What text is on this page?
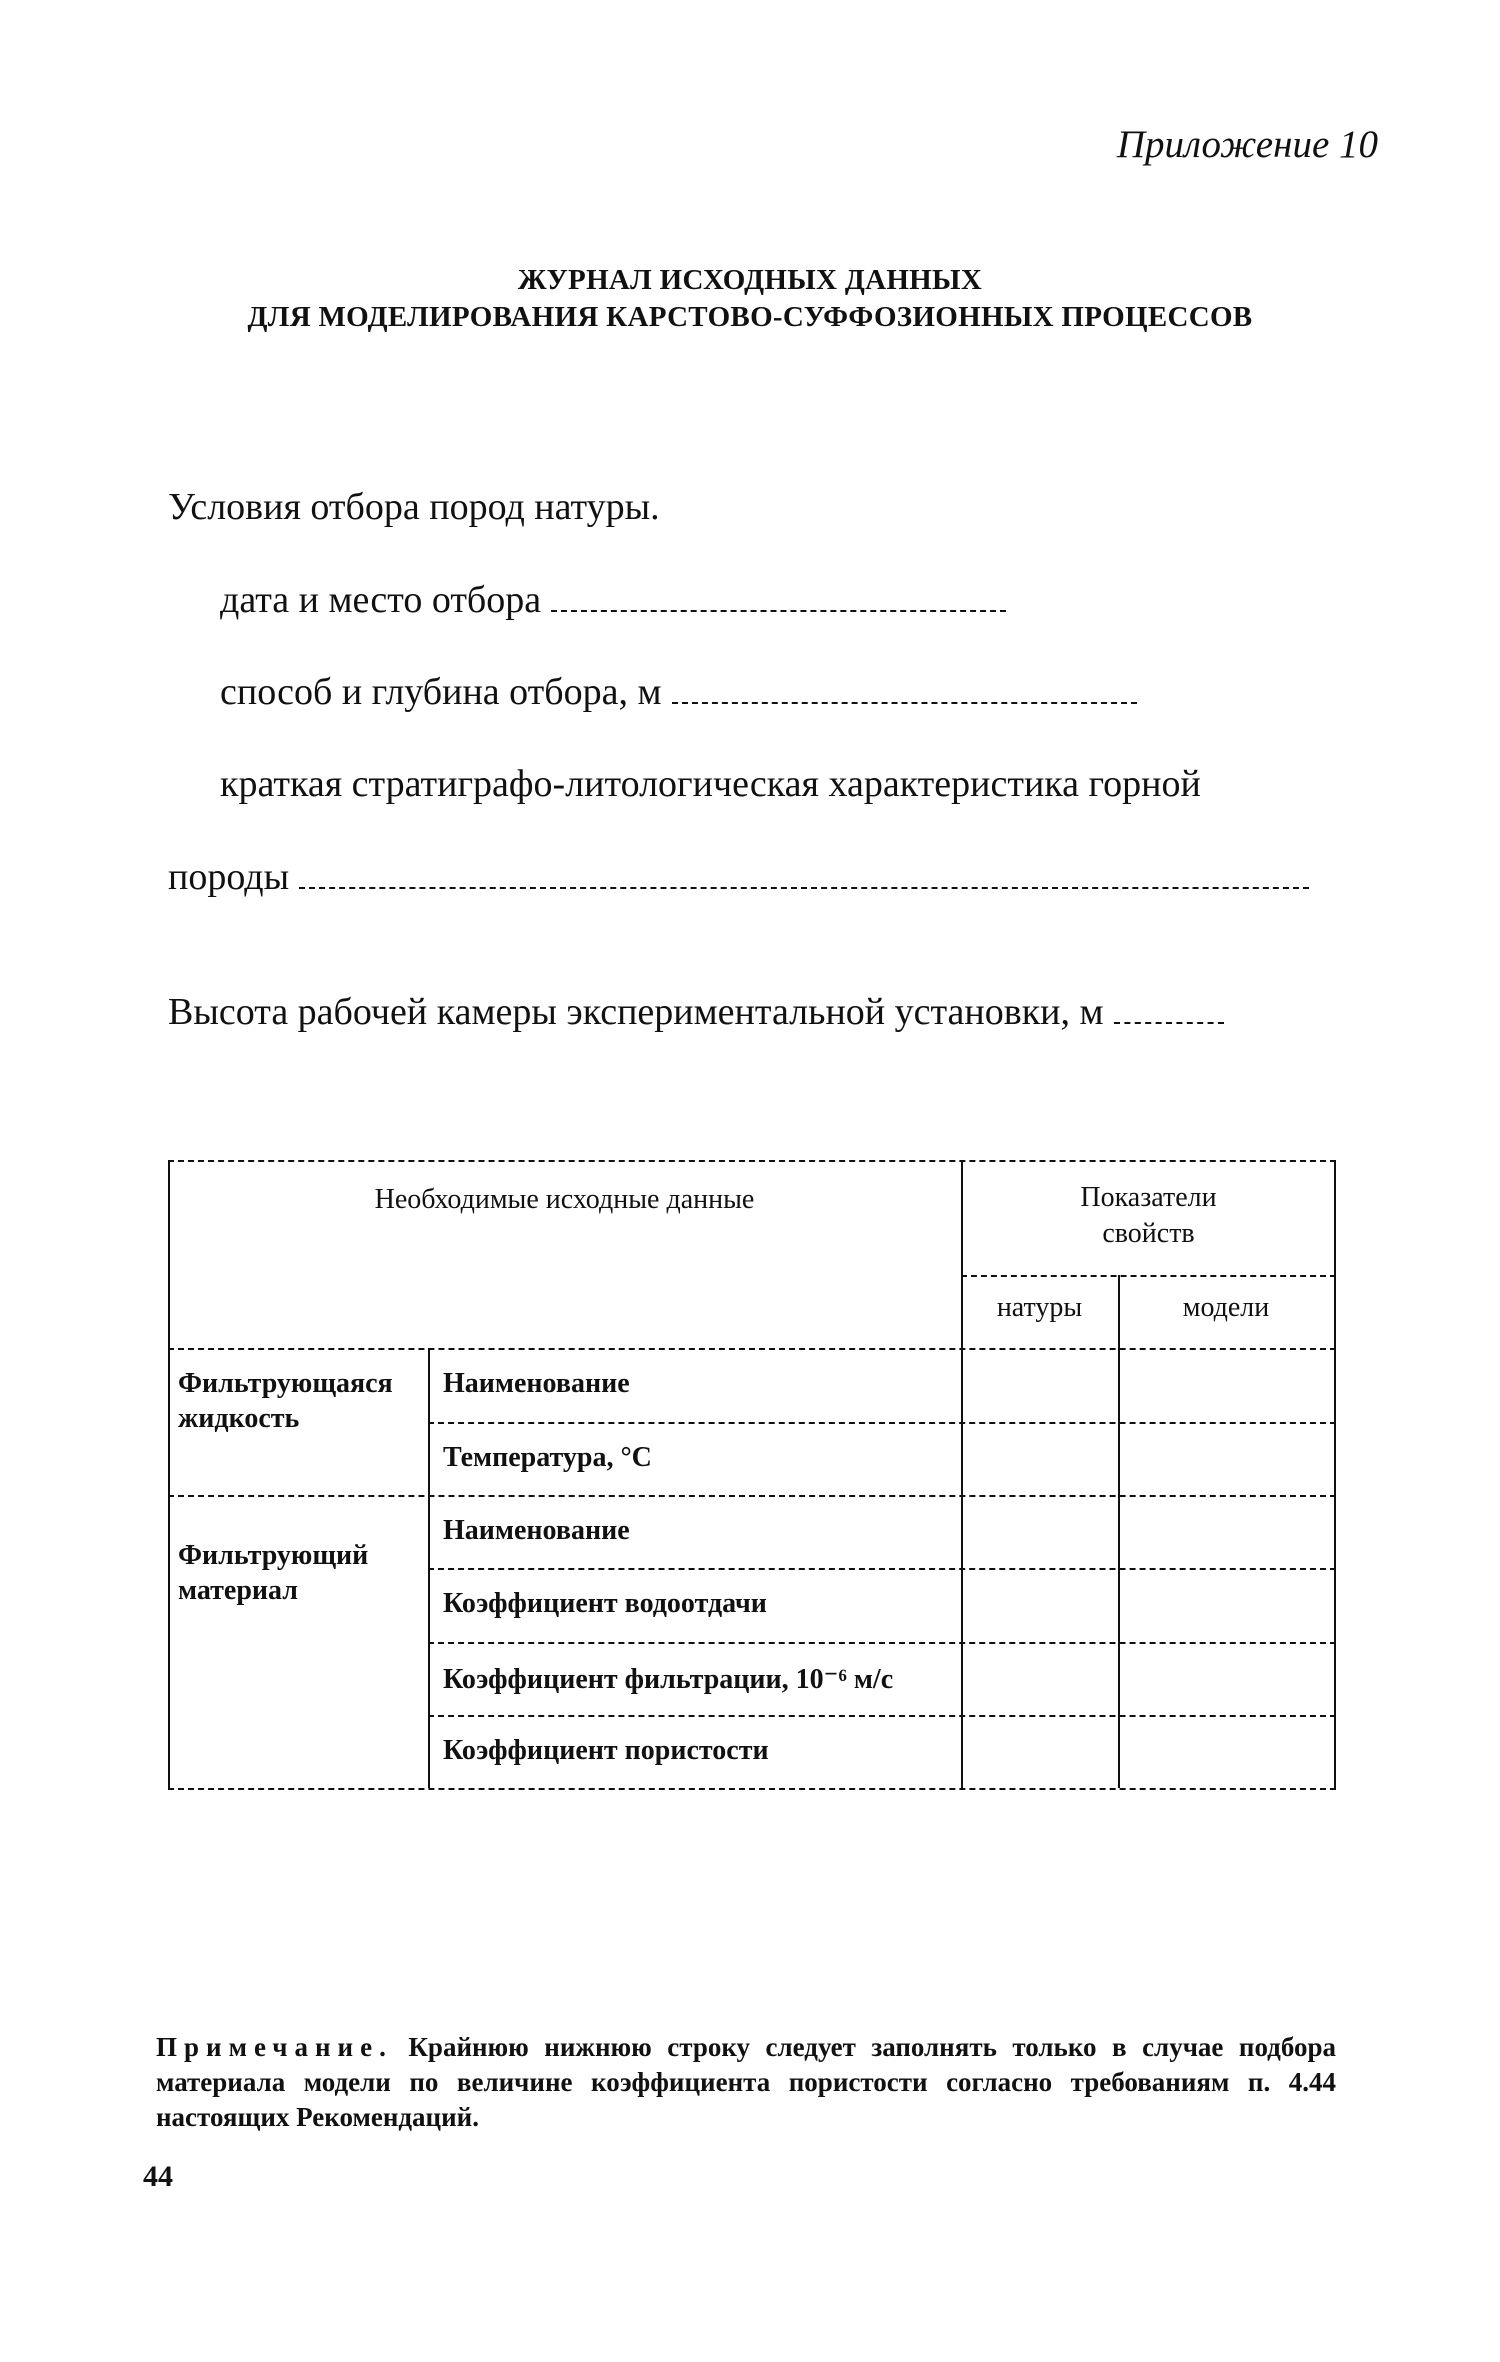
Приложение 10
ЖУРНАЛ ИСХОДНЫХ ДАННЫХ
ДЛЯ МОДЕЛИРОВАНИЯ КАРСТОВО-СУФФОЗИОННЫХ ПРОЦЕССОВ
Условия отбора пород натуры.
дата и место отбора
способ и глубина отбора, м
краткая стратиграфо-литологическая характеристика горной
породы
Высота рабочей камеры экспериментальной установки, м
Необходимые исходные данные	Показатели
свойств
натуры	модели
Фильтрующаяся
жидкость
Наименование
Температура, °С
Фильтрующий
материал
Наименование
Коэффициент водоотдачи
Коэффициент фильтрации, 10⁻⁶ м/с
Коэффициент пористости
Примечание. Крайнюю нижнюю строку следует заполнять только в случае подбора материала модели по величине коэффициента пористости согласно требованиям п. 4.44 настоящих Рекомендаций.
44
